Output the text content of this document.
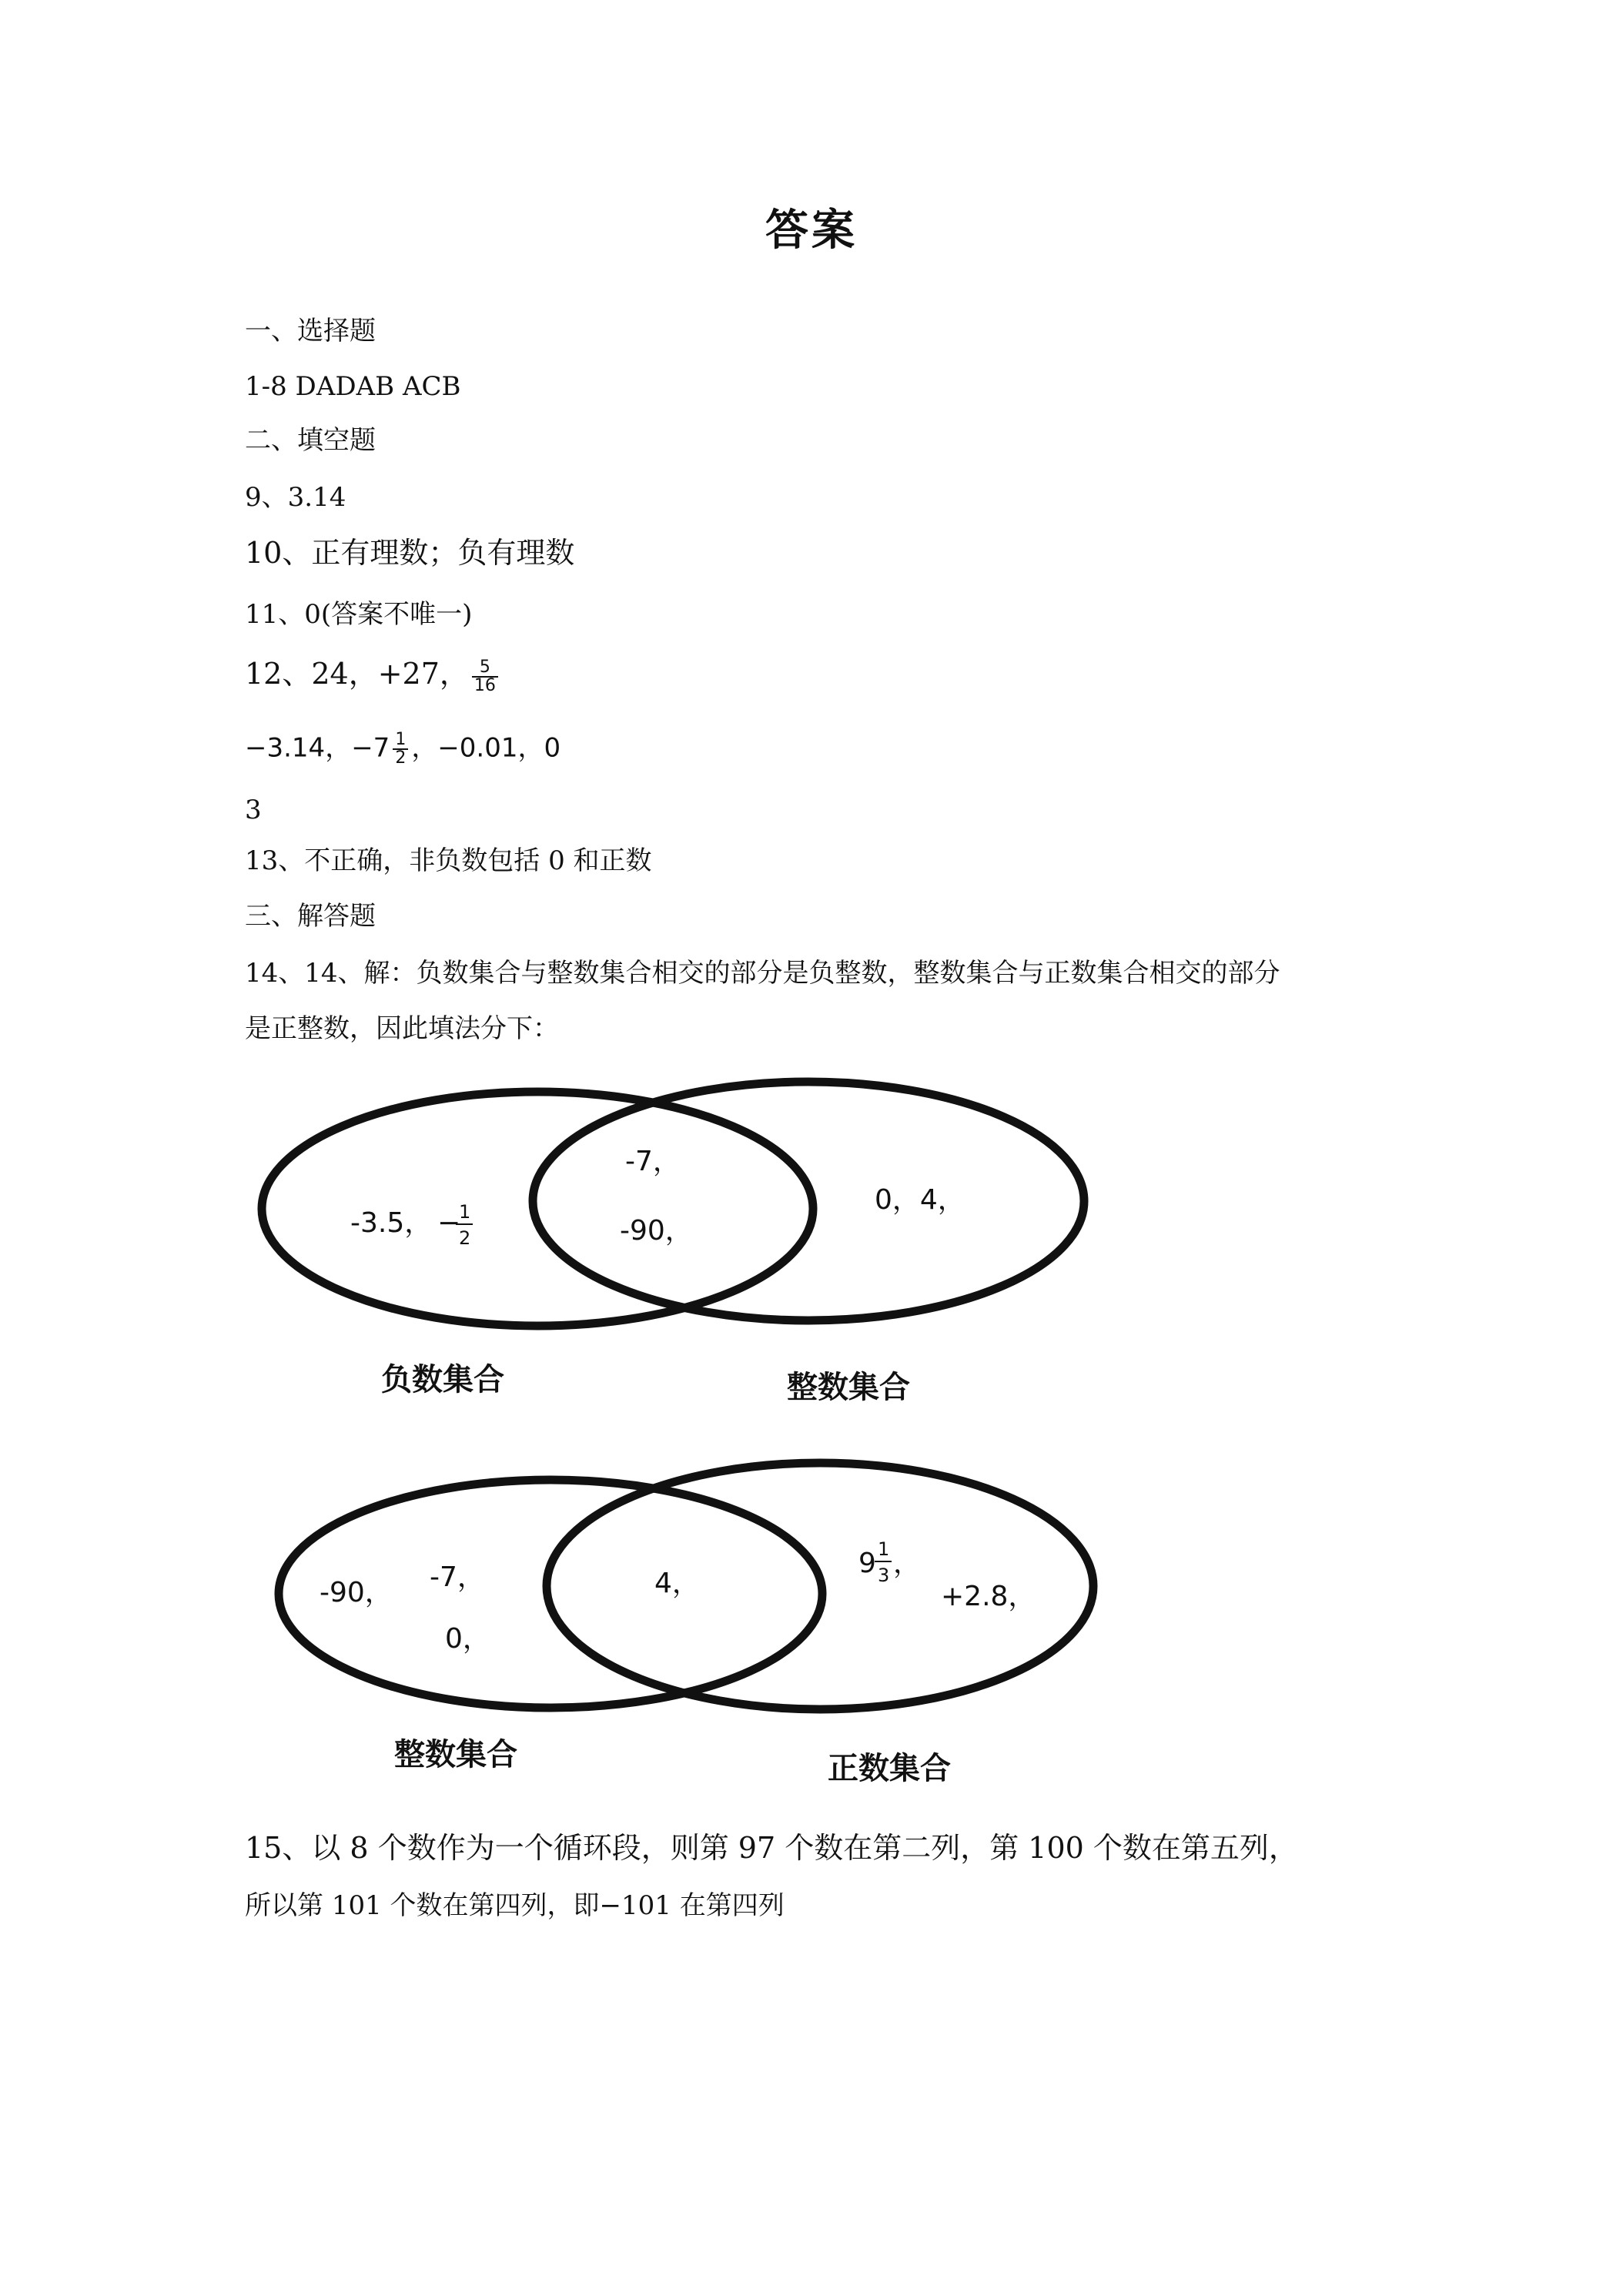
答案
一、选择题
1-8 DADAB ACB
二、填空题
9、3.14
10、正有理数；负有理数
11、0(答案不唯一)
12、24，+27， $\frac{5}{16}$
−3.14，$-7 \frac{1}{2}$ ，−0.01，0
3
13、不正确，非负数包括 0 和正数
三、解答题
14、14、解：负数集合与整数集合相交的部分是负整数，整数集合与正数集合相交的部分
是正整数，因此填法分下：
-3.5， −
1
2
-7，
-90，
0，4，
负数集合	整数集合
-90， -7，
0，
4，
9 1
3 ，
+2.8，
整数集合	正数集合
15、以 8 个数作为一个循环段，则第 97 个数在第二列，第 100 个数在第五列，
所以第 101 个数在第四列，即−101 在第四列
